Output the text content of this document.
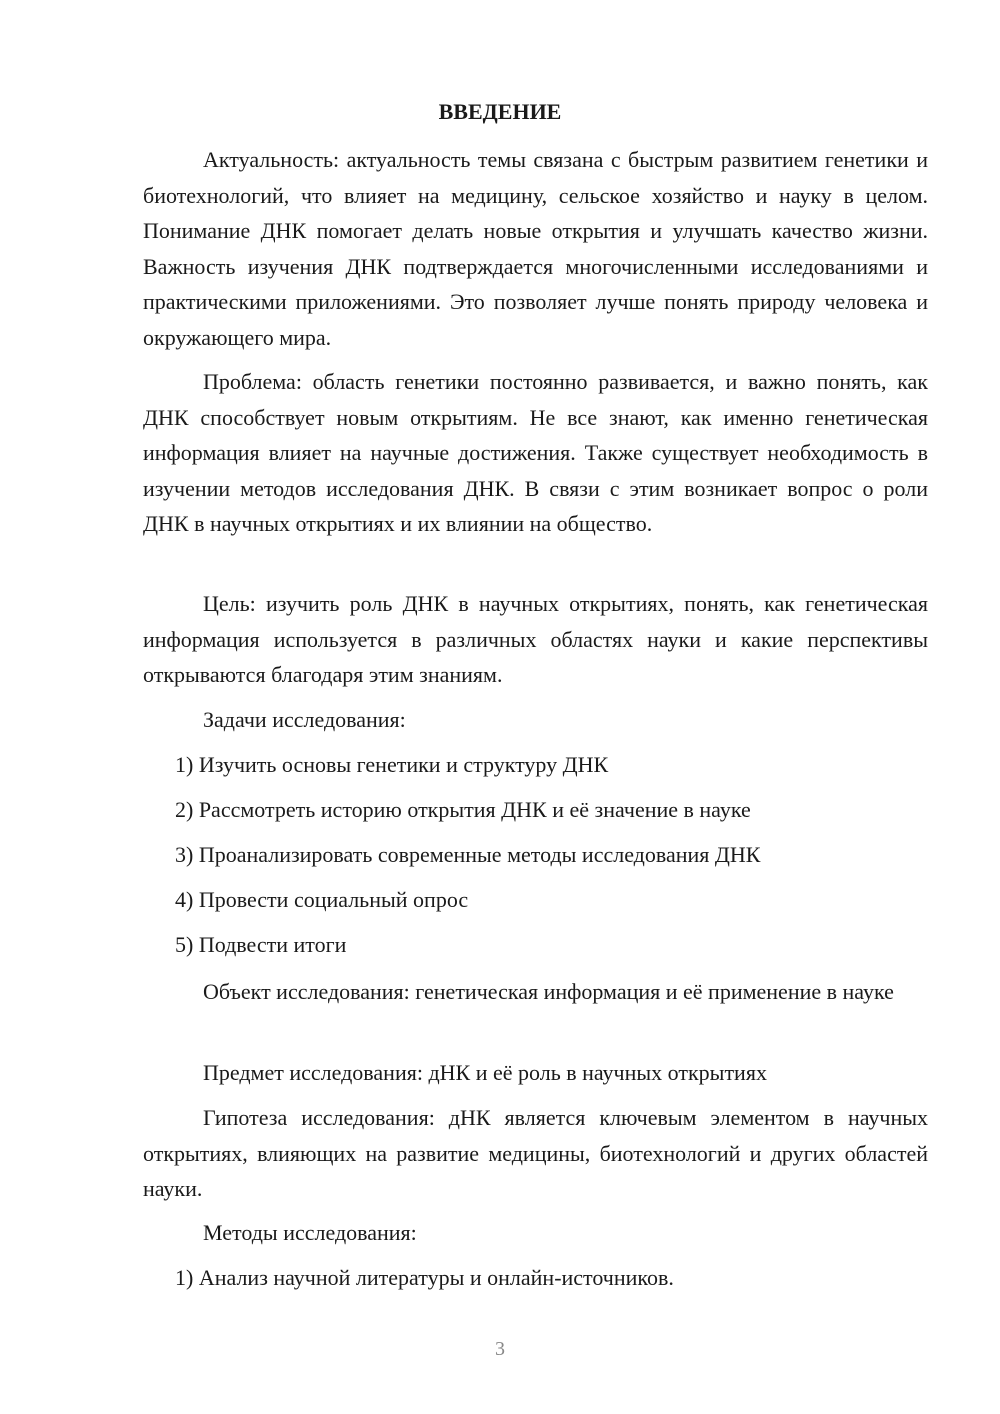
ВВЕДЕНИЕ

Актуальность: актуальность темы связана с быстрым развитием генетики и биотехнологий, что влияет на медицину, сельское хозяйство и науку в целом. Понимание ДНК помогает делать новые открытия и улучшать качество жизни. Важность изучения ДНК подтверждается многочисленными исследованиями и практическими приложениями. Это позволяет лучше понять природу человека и окружающего мира.

Проблема: область генетики постоянно развивается, и важно понять, как ДНК способствует новым открытиям. Не все знают, как именно генетическая информация влияет на научные достижения. Также существует необходимость в изучении методов исследования ДНК. В связи с этим возникает вопрос о роли ДНК в научных открытиях и их влиянии на общество.

Цель: изучить роль ДНК в научных открытиях, понять, как генетическая информация используется в различных областях науки и какие перспективы открываются благодаря этим знаниям.

Задачи исследования:

1) Изучить основы генетики и структуру ДНК

2) Рассмотреть историю открытия ДНК и её значение в науке

3) Проанализировать современные методы исследования ДНК

4) Провести социальный опрос

5) Подвести итоги

Объект исследования: генетическая информация и её применение в науке

Предмет исследования: дНК и её роль в научных открытиях

Гипотеза исследования: дНК является ключевым элементом в научных открытиях, влияющих на развитие медицины, биотехнологий и других областей науки.

Методы исследования:

1) Анализ научной литературы и онлайн-источников.

3
